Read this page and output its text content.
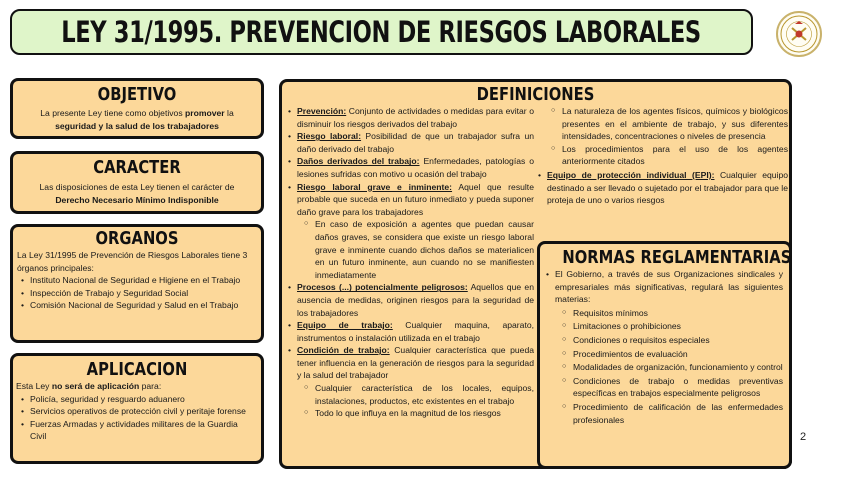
LEY 31/1995. PREVENCION DE RIESGOS LABORALES
OBJETIVO

La presente Ley tiene como objetivos promover la seguridad y la salud de los trabajadores

CARACTER

Las disposiciones de esta Ley tienen el carácter de

Derecho Necesario Mínimo Indisponible

ORGANOS

La Ley 31/1995 de Prevención de Riesgos Laborales tiene 3 órganos principales:

• Instituto Nacional de Seguridad e Higiene en el Trabajo
• Inspección de Trabajo y Seguridad Social
• Comisión Nacional de Seguridad y Salud en el Trabajo
APLICACION

Esta Ley no será de aplicación para:

• Policía, seguridad y resguardo aduanero
• Servicios operativos de protección civil y peritaje forense
• Fuerzas Armadas y actividades militares de la Guardia Civil
DEFINICIONES
• Prevención: Conjunto de actividades o medidas para evitar o disminuir los riesgos derivados del trabajo
• Riesgo laboral: Posibilidad de que un trabajador sufra un daño derivado del trabajo
• Daños derivados del trabajo: Enfermedades, patologías o lesiones sufridas con motivo u ocasión del trabajo
• Riesgo laboral grave e inminente: Aquel que resulte probable que suceda en un futuro inmediato y pueda suponer daño grave para los trabajadores
○ En caso de exposición a agentes que puedan causar daños graves, se considera que existe un riesgo laboral grave e inminente cuando dichos daños se materialicen en un futuro inminente, aun cuando no se manifiesten inmediatamente
• Procesos (...) potencialmente peligrosos: Aquellos que en ausencia de medidas, originen riesgos para la seguridad de los trabajadores
• Equipo de trabajo: Cualquier maquina, aparato, instrumentos o instalación utilizada en el trabajo
• Condición de trabajo: Cualquier característica que pueda tener influencia en la generación de riesgos para la seguridad y la salud del trabajador
○ Cualquier característica de los locales, equipos, instalaciones, productos, etc existentes en el trabajo
○ Todo lo que influya en la magnitud de los riesgos
○ La naturaleza de los agentes físicos, químicos y biológicos presentes en el ambiente de trabajo, y sus diferentes intensidades, concentraciones o niveles de presencia
○ Los procedimientos para el uso de los agentes anteriormente citados
• Equipo de protección individual (EPI): Cualquier equipo destinado a ser llevado o sujetado por el trabajador para que le proteja de uno o varios riesgos
NORMAS REGLAMENTARIAS
• El Gobierno, a través de sus Organizaciones sindicales y empresariales más significativas, regulará las siguientes materias:
○ Requisitos mínimos
○ Limitaciones o prohibiciones
○ Condiciones o requisitos especiales
○ Procedimientos de evaluación
○ Modalidades de organización, funcionamiento y control
○ Condiciones de trabajo o medidas preventivas específicas en trabajos especialmente peligrosos
○ Procedimiento de calificación de las enfermedades profesionales
2
